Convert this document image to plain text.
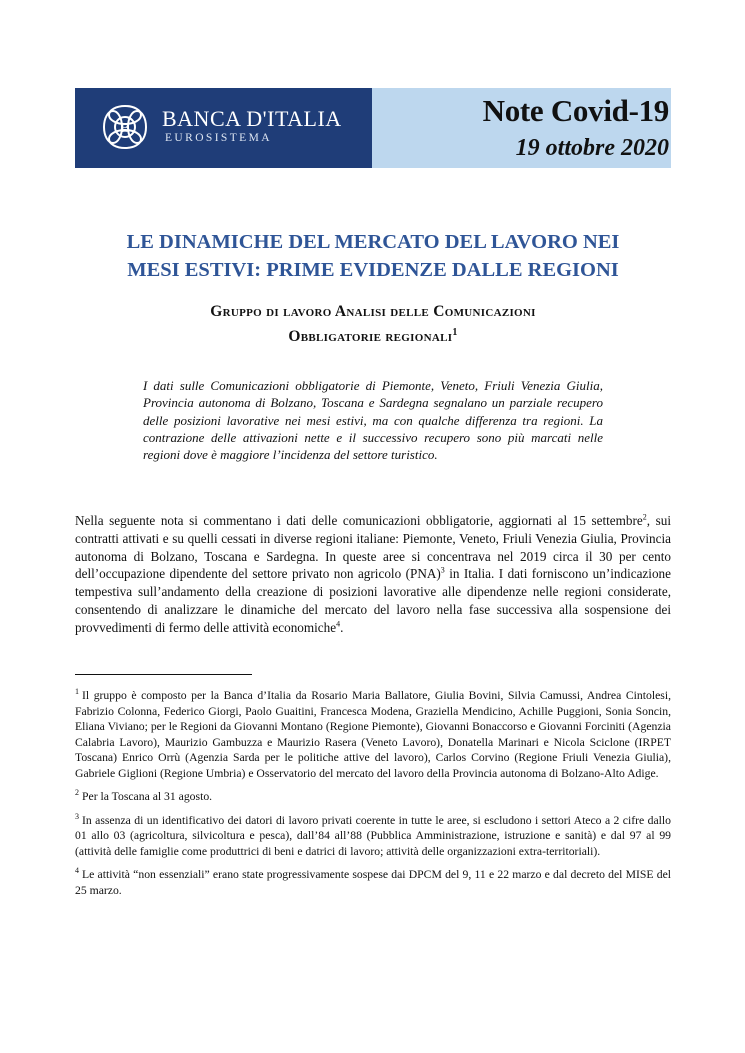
B BANCA D'ITALIA
EUROSISTEMA
Note Covid-19
19 ottobre 2020
LE DINAMICHE DEL MERCATO DEL LAVORO NEI
MESI ESTIVI: PRIME EVIDENZE DALLE REGIONI
Gruppo di lavoro Analisi delle Comunicazioni
Obbligatorie regionali$^1$
I dati sulle Comunicazioni obbligatorie di Piemonte, Veneto, Friuli Venezia Giulia, Provincia autonoma di Bolzano, Toscana e Sardegna segnalano un parziale recupero delle posizioni lavorative nei mesi estivi, ma con qualche differenza tra regioni. La contrazione delle attivazioni nette e il successivo recupero sono più marcati nelle regioni dove è maggiore l’incidenza del settore turistico.
Nella seguente nota si commentano i dati delle comunicazioni obbligatorie, aggiornati al 15 settembre$^2$, sui contratti attivati e su quelli cessati in diverse regioni italiane: Piemonte, Veneto, Friuli Venezia Giulia, Provincia autonoma di Bolzano, Toscana e Sardegna. In queste aree si concentrava nel 2019 circa il 30 per cento dell’occupazione dipendente del settore privato non agricolo (PNA)$^3$ in Italia. I dati forniscono un’indicazione tempestiva sull’andamento della creazione di posizioni lavorative alle dipendenze nelle regioni considerate, consentendo di analizzare le dinamiche del mercato del lavoro nella fase successiva alla sospensione dei provvedimenti di fermo delle attività economiche$^4$.
$^1$ Il gruppo è composto per la Banca d’Italia da Rosario Maria Ballatore, Giulia Bovini, Silvia Camussi, Andrea Cintolesi, Fabrizio Colonna, Federico Giorgi, Paolo Guaitini, Francesca Modena, Graziella Mendicino, Achille Puggioni, Sonia Soncin, Eliana Viviano; per le Regioni da Giovanni Montano (Regione Piemonte), Giovanni Bonaccorso e Giovanni Forciniti (Agenzia Calabria Lavoro), Maurizio Gambuzza e Maurizio Rasera (Veneto Lavoro), Donatella Marinari e Nicola Sciclone (IRPET Toscana) Enrico Orrù (Agenzia Sarda per le politiche attive del lavoro), Carlos Corvino (Regione Friuli Venezia Giulia), Gabriele Giglioni (Regione Umbria) e Osservatorio del mercato del lavoro della Provincia autonoma di Bolzano-Alto Adige.
$^2$ Per la Toscana al 31 agosto.
$^3$ In assenza di un identificativo dei datori di lavoro privati coerente in tutte le aree, si escludono i settori Ateco a 2 cifre dallo 01 allo 03 (agricoltura, silvicoltura e pesca), dall’84 all’88 (Pubblica Amministrazione, istruzione e sanità) e dal 97 al 99 (attività delle famiglie come produttrici di beni e datrici di lavoro; attività delle organizzazioni extra-territoriali).
$^4$ Le attività “non essenziali” erano state progressivamente sospese dai DPCM del 9, 11 e 22 marzo e dal decreto del MISE del 25 marzo.
